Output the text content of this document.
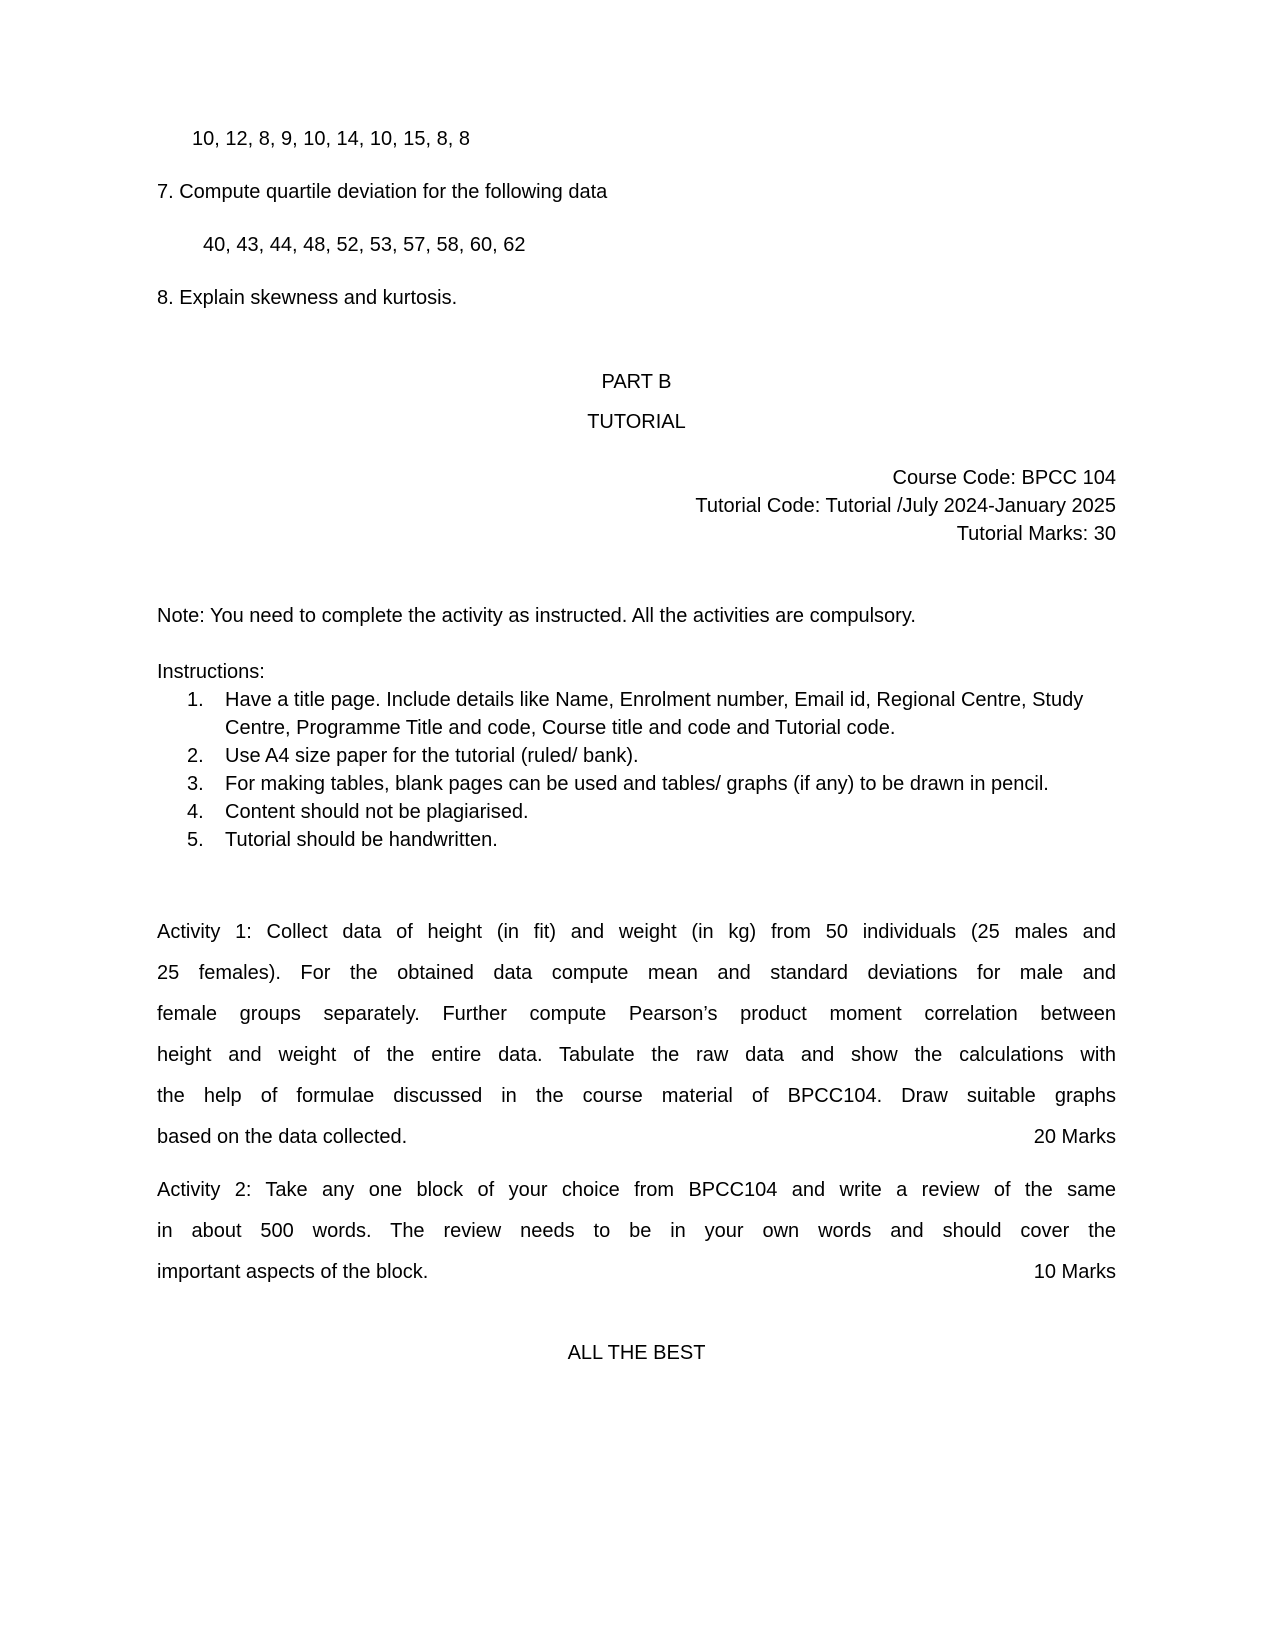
10, 12, 8, 9, 10, 14, 10, 15, 8, 8

7. Compute quartile deviation for the following data

40, 43, 44, 48, 52, 53, 57, 58, 60, 62

8. Explain skewness and kurtosis.

PART B

TUTORIAL

Course Code: BPCC 104

Tutorial Code: Tutorial /July 2024-January 2025

Tutorial Marks: 30

Note: You need to complete the activity as instructed. All the activities are compulsory.

Instructions:

1.	Have a title page. Include details like Name, Enrolment number, Email id, Regional Centre, Study Centre, Programme Title and code, Course title and code and Tutorial code.
2.	Use A4 size paper for the tutorial (ruled/ bank).
3.	For making tables, blank pages can be used and tables/ graphs (if any) to be drawn in pencil.
4.	Content should not be plagiarised.
5.	Tutorial should be handwritten.
Activity 1: Collect data of height (in fit) and weight (in kg) from 50 individuals (25 males and
25 females). For the obtained data compute mean and standard deviations for male and
female groups separately. Further compute Pearson’s product moment correlation between
height and weight of the entire data. Tabulate the raw data and show the calculations with
the help of formulae discussed in the course material of BPCC104. Draw suitable graphs
based on the data collected.	20 Marks
Activity 2: Take any one block of your choice from BPCC104 and write a review of the same
in about 500 words. The review needs to be in your own words and should cover the
important aspects of the block.	10 Marks

ALL THE BEST
